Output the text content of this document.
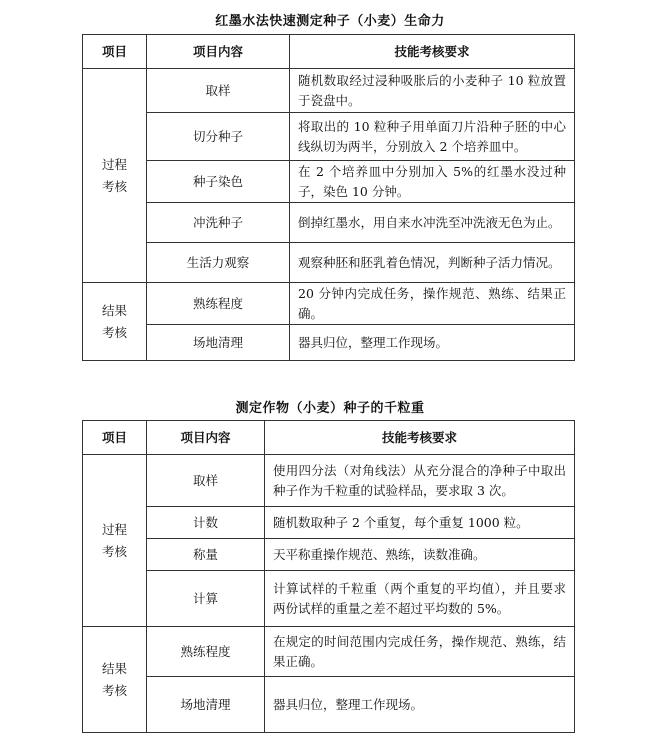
红墨水法快速测定种子（小麦）生命力
项目	项目内容	技能考核要求
过程考核	取样	随机数取经过浸种吸胀后的小麦种子 10 粒放置于瓷盘中。
	切分种子	将取出的 10 粒种子用单面刀片沿种子胚的中心线纵切为两半，分别放入 2 个培养皿中。
	种子染色	在 2 个培养皿中分别加入 5%的红墨水没过种子，染色 10 分钟。
	冲洗种子	倒掉红墨水，用自来水冲洗至冲洗液无色为止。
	生活力观察	观察种胚和胚乳着色情况，判断种子活力情况。
结果考核	熟练程度	20 分钟内完成任务，操作规范、熟练、结果正确。
	场地清理	器具归位，整理工作现场。
测定作物（小麦）种子的千粒重
项目	项目内容	技能考核要求
过程考核	取样	使用四分法（对角线法）从充分混合的净种子中取出种子作为千粒重的试验样品，要求取 3 次。
	计数	随机数取种子 2 个重复，每个重复 1000 粒。
	称量	天平称重操作规范、熟练，读数准确。
	计算	计算试样的千粒重（两个重复的平均值），并且要求两份试样的重量之差不超过平均数的 5%。
结果考核	熟练程度	在规定的时间范围内完成任务，操作规范、熟练，结果正确。
	场地清理	器具归位，整理工作现场。
